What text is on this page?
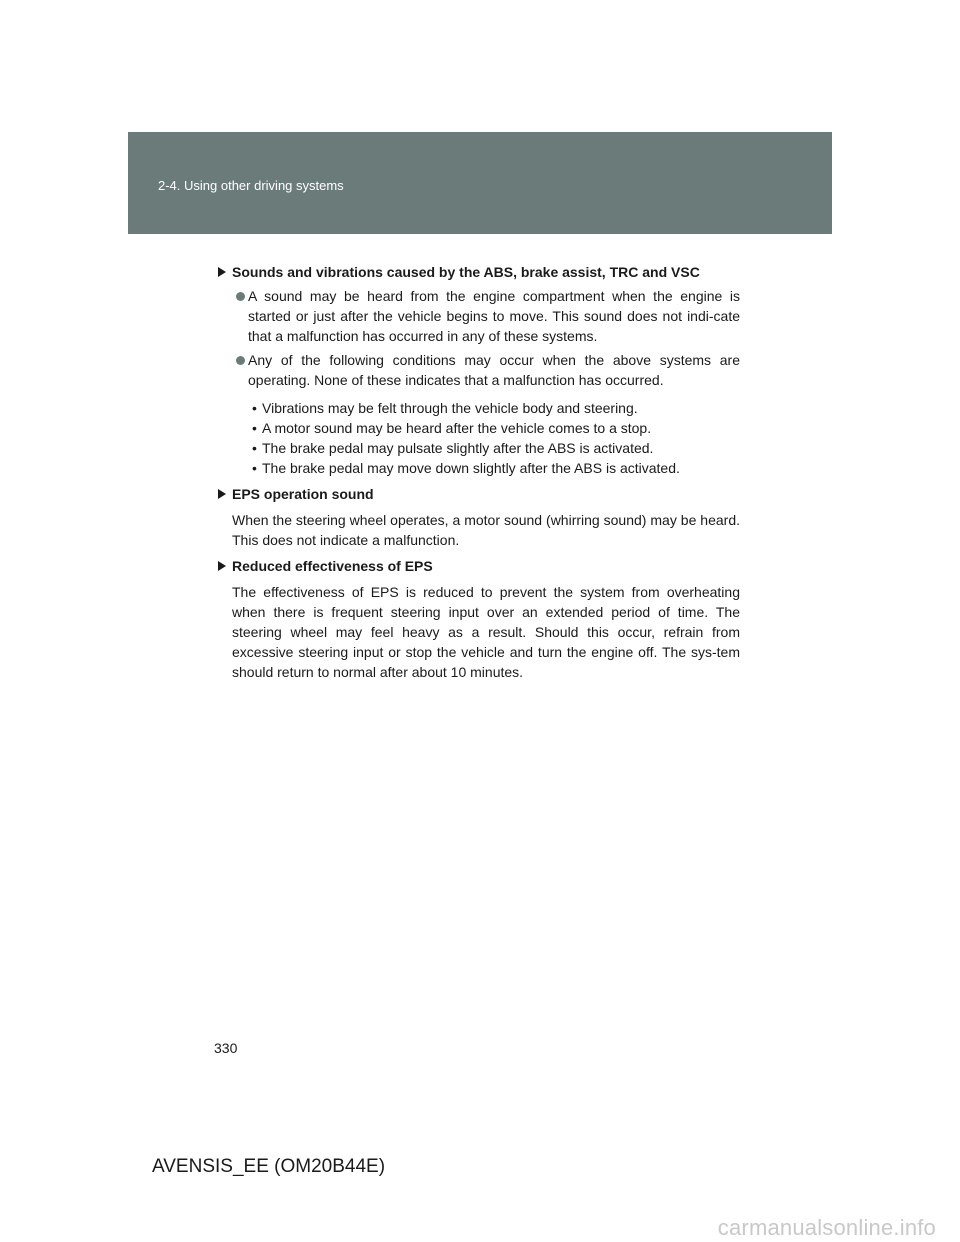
2-4. Using other driving systems
Sounds and vibrations caused by the ABS, brake assist, TRC and VSC
A sound may be heard from the engine compartment when the engine is started or just after the vehicle begins to move. This sound does not indi-cate that a malfunction has occurred in any of these systems.
Any of the following conditions may occur when the above systems are operating. None of these indicates that a malfunction has occurred.
• Vibrations may be felt through the vehicle body and steering.
• A motor sound may be heard after the vehicle comes to a stop.
• The brake pedal may pulsate slightly after the ABS is activated.
• The brake pedal may move down slightly after the ABS is activated.
EPS operation sound
When the steering wheel operates, a motor sound (whirring sound) may be heard. This does not indicate a malfunction.
Reduced effectiveness of EPS
The effectiveness of EPS is reduced to prevent the system from overheating when there is frequent steering input over an extended period of time. The steering wheel may feel heavy as a result. Should this occur, refrain from excessive steering input or stop the vehicle and turn the engine off. The sys-tem should return to normal after about 10 minutes.
330
AVENSIS_EE (OM20B44E)
carmanualsonline.info
